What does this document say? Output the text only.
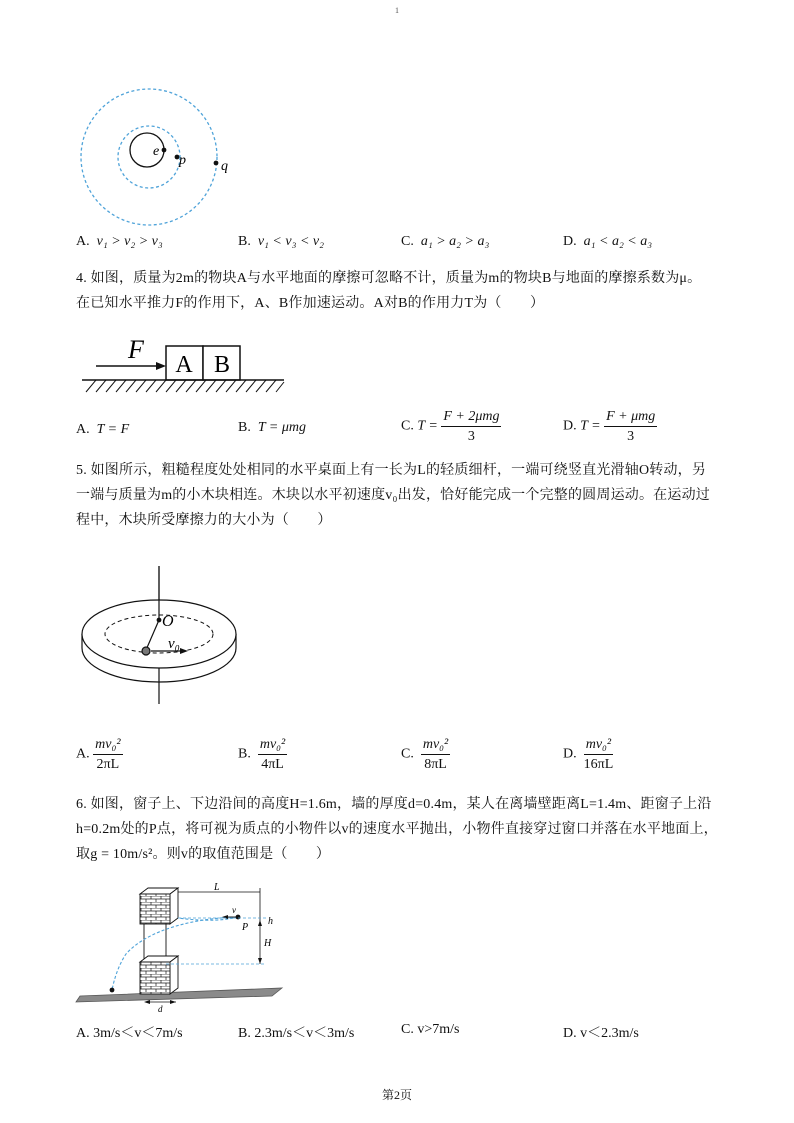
1
e
p	q
A. v₁ > v₂ > v₃	B. v₁ < v₃ < v₂	C. a₁ > a₂ > a₃	D. a₁ < a₂ < a₃
4. 如图，质量为2m的物块A与水平地面的摩擦可忽略不计，质量为m的物块B与地面的摩擦系数为μ。
在已知水平推力F的作用下，A、B作加速运动。A对B的作用力T为（　　）
F
A B
A. T = F	B. T = μmg	C. $T = \frac{\text{F + 2μmg}}{3}$	D. $T = \frac{\text{F + μmg}}{3}$
5. 如图所示，粗糙程度处处相同的水平桌面上有一长为L的轻质细杆，一端可绕竖直光滑轴O转动，另
一端与质量为m的小木块相连。木块以水平初速度v₀出发，恰好能完成一个完整的圆周运动。在运动过
程中，木块所受摩擦力的大小为（　　）
O
v₀
A. $\frac{\text{mv₀²}}{2\pi L}$	B. $\frac{\text{mv₀²}}{4\pi L}$	C. $\frac{\text{mv₀²}}{8\pi L}$	D. $\frac{\text{mv₀²}}{16\pi L}$
6. 如图，窗子上、下边沿间的高度H=1.6m，墙的厚度d=0.4m，某人在离墙壁距离L=1.4m、距窗子上沿
h=0.2m处的P点，将可视为质点的小物件以v的速度水平抛出，小物件直接穿过窗口并落在水平地面上，
取g = 10m/s²。则v的取值范围是（　　）
L
v
P
h
H
d
A. 3m/s＜v＜7m/s	B. 2.3m/s＜v＜3m/s	C. v>7m/s	D. v＜2.3m/s
第2页
